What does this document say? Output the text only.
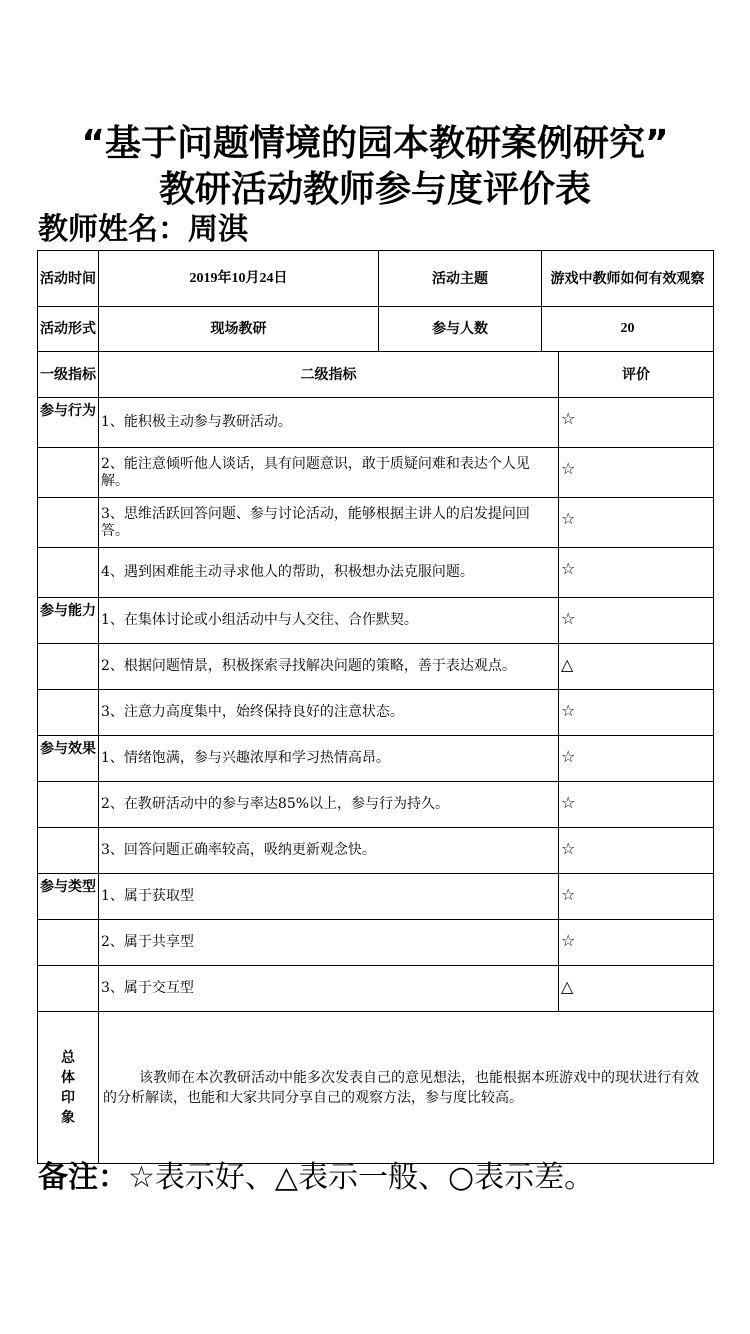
“基于问题情境的园本教研案例研究”
教研活动教师参与度评价表
教师姓名：周淇
活动时间	2019年10月24日	活动主题	游戏中教师如何有效观察	
活动形式	现场教研	参与人数	20	
一级指标	二级指标			评价
参与行为	1、能积极主动参与教研活动。			☆
	2、能注意倾听他人谈话，具有问题意识，敢于质疑问难和表达个人见解。			☆
	3、思维活跃回答问题、参与讨论活动，能够根据主讲人的启发提问回答。			☆
	4、遇到困难能主动寻求他人的帮助，积极想办法克服问题。			☆
参与能力	1、在集体讨论或小组活动中与人交往、合作默契。			☆
	2、根据问题情景，积极探索寻找解决问题的策略，善于表达观点。			△
	3、注意力高度集中，始终保持良好的注意状态。			☆
参与效果	1、情绪饱满，参与兴趣浓厚和学习热情高昂。			☆
	2、在教研活动中的参与率达85%以上，参与行为持久。			☆
	3、回答问题正确率较高，吸纳更新观念快。			☆
参与类型	1、属于获取型			☆
	2、属于共享型			☆
	3、属于交互型			△
总体印象	该教师在本次教研活动中能多次发表自己的意见想法，也能根据本班游戏中的现状进行有效的分析解读，也能和大家共同分享自己的观察方法，参与度比较高。			
备注：☆表示好、△表示一般、○表示差。
